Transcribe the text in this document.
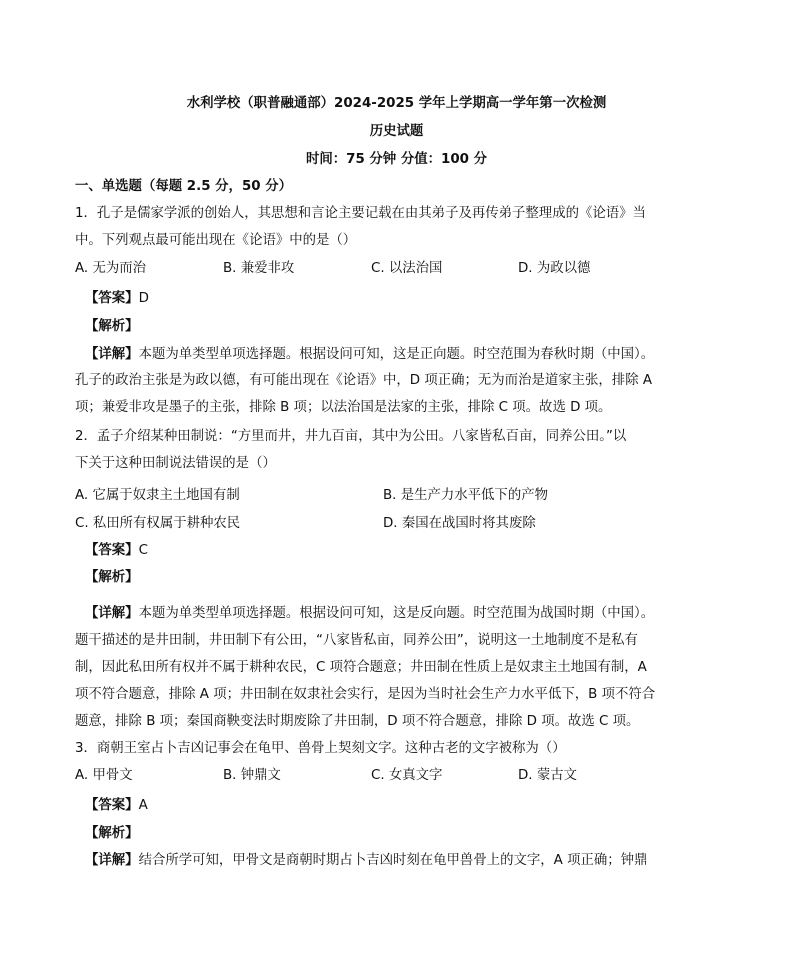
水利学校（职普融通部）2024-2025 学年上学期高一学年第一次检测
历史试题
时间：75 分钟 分值：100 分
一、单选题（每题 2.5 分，50 分）
1．孔子是儒家学派的创始人，其思想和言论主要记载在由其弟子及再传弟子整理成的《论语》当
中。下列观点最可能出现在《论语》中的是（）
A. 无为而治	B. 兼爱非攻	C. 以法治国	D. 为政以德
【答案】D
【解析】
【详解】本题为单类型单项选择题。根据设问可知，这是正向题。时空范围为春秋时期（中国）。
孔子的政治主张是为政以德，有可能出现在《论语》中，D 项正确；无为而治是道家主张，排除 A
项；兼爱非攻是墨子的主张，排除 B 项；以法治国是法家的主张，排除 C 项。故选 D 项。
2．孟子介绍某种田制说：“方里而井，井九百亩，其中为公田。八家皆私百亩，同养公田。”以
下关于这种田制说法错误的是（）
A. 它属于奴隶主土地国有制	B. 是生产力水平低下的产物
C. 私田所有权属于耕种农民	D. 秦国在战国时将其废除
【答案】C
【解析】
【详解】本题为单类型单项选择题。根据设问可知，这是反向题。时空范围为战国时期（中国）。
题干描述的是井田制，井田制下有公田，“八家皆私亩，同养公田”，说明这一土地制度不是私有
制，因此私田所有权并不属于耕种农民，C 项符合题意；井田制在性质上是奴隶主土地国有制，A
项不符合题意，排除 A 项；井田制在奴隶社会实行，是因为当时社会生产力水平低下，B 项不符合
题意，排除 B 项；秦国商鞅变法时期废除了井田制，D 项不符合题意，排除 D 项。故选 C 项。
3．商朝王室占卜吉凶记事会在龟甲、兽骨上契刻文字。这种古老的文字被称为（）
A. 甲骨文	B. 钟鼎文	C. 女真文字	D. 蒙古文
【答案】A
【解析】
【详解】结合所学可知，甲骨文是商朝时期占卜吉凶时刻在龟甲兽骨上的文字，A 项正确；钟鼎
